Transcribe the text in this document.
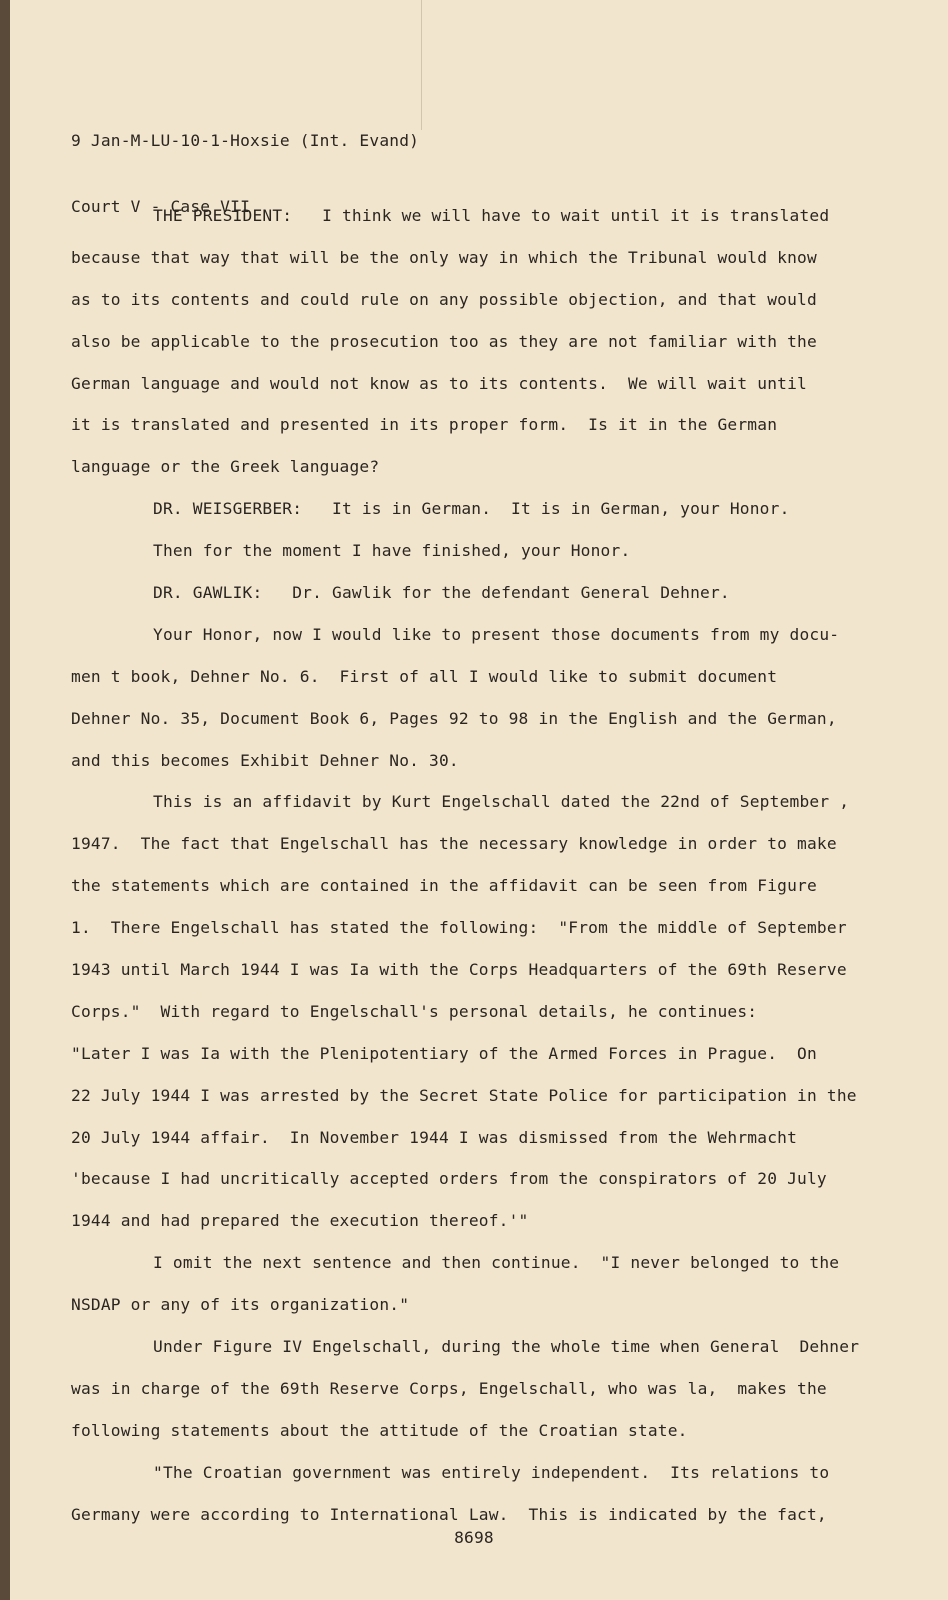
9 Jan-M-LU-10-1-Hoxsie (Int. Evand)

Court V - Case VII

THE PRESIDENT:   I think we will have to wait until it is translated
because that way that will be the only way in which the Tribunal would know
as to its contents and could rule on any possible objection, and that would
also be applicable to the prosecution too as they are not familiar with the
German language and would not know as to its contents.  We will wait until
it is translated and presented in its proper form.  Is it in the German
language or the Greek language?
DR. WEISGERBER:   It is in German.  It is in German, your Honor.
Then for the moment I have finished, your Honor.
DR. GAWLIK:   Dr. Gawlik for the defendant General Dehner.
Your Honor, now I would like to present those documents from my docu-
men t book, Dehner No. 6.  First of all I would like to submit document
Dehner No. 35, Document Book 6, Pages 92 to 98 in the English and the German,
and this becomes Exhibit Dehner No. 30.
This is an affidavit by Kurt Engelschall dated the 22nd of September ,
1947.  The fact that Engelschall has the necessary knowledge in order to make
the statements which are contained in the affidavit can be seen from Figure
1.  There Engelschall has stated the following:  "From the middle of September
1943 until March 1944 I was Ia with the Corps Headquarters of the 69th Reserve
Corps."  With regard to Engelschall's personal details, he continues:
"Later I was Ia with the Plenipotentiary of the Armed Forces in Prague.  On
22 July 1944 I was arrested by the Secret State Police for participation in the
20 July 1944 affair.  In November 1944 I was dismissed from the Wehrmacht
'because I had uncritically accepted orders from the conspirators of 20 July
1944 and had prepared the execution thereof.'"
I omit the next sentence and then continue.  "I never belonged to the
NSDAP or any of its organization."
Under Figure IV Engelschall, during the whole time when General  Dehner
was in charge of the 69th Reserve Corps, Engelschall, who was la,  makes the
following statements about the attitude of the Croatian state.
"The Croatian government was entirely independent.  Its relations to
Germany were according to International Law.  This is indicated by the fact,
8698
